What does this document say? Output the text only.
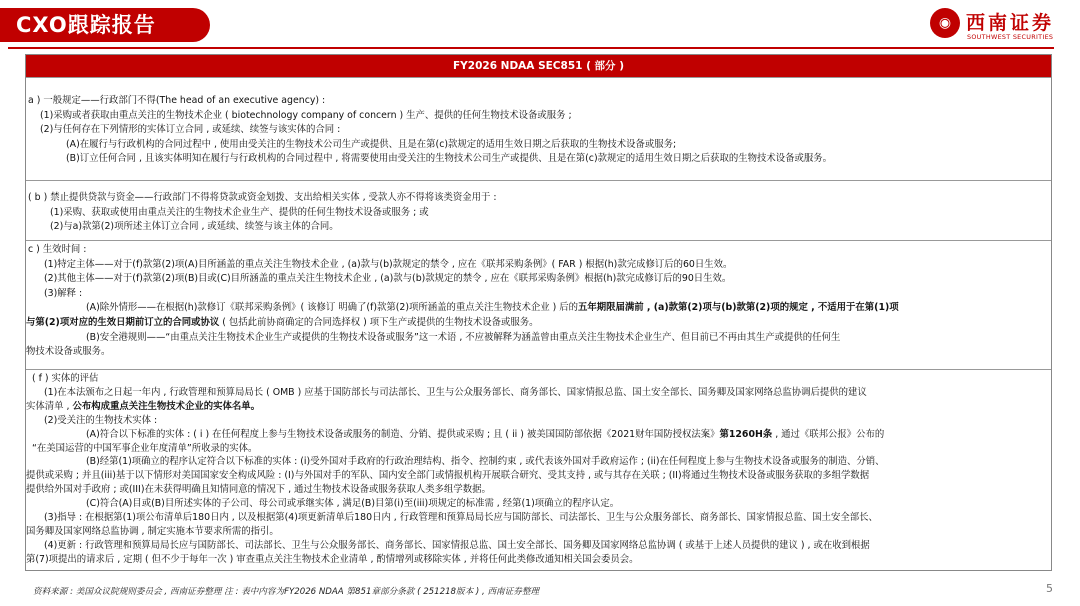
CXO跟踪报告	◉ 西南证券
SOUTHWEST SECURITIES
FY2026 NDAA SEC851 ( 部分 )
a ) 一般规定——行政部门不得(The head of an executive agency) :
(1)采购或者获取由重点关注的生物技术企业 ( biotechnology company of concern ) 生产、提供的任何生物技术设备或服务 ;
(2)与任何存在下列情形的实体订立合同 , 或延续、续签与该实体的合同 :
(A)在履行与行政机构的合同过程中 , 使用由受关注的生物技术公司生产或提供、且是在第(c)款规定的适用生效日期之后获取的生物技术设备或服务;
(B)订立任何合同 , 且该实体明知在履行与行政机构的合同过程中 , 将需要使用由受关注的生物技术公司生产或提供、且是在第(c)款规定的适用生效日期之后获取的生物技术设备或服务。
( b ) 禁止提供贷款与资金——行政部门不得将贷款或资金划拨、支出给相关实体 , 受款人亦不得将该类资金用于 :
(1)采购、获取或使用由重点关注的生物技术企业生产、提供的任何生物技术设备或服务 ; 或
(2)与a)款第(2)项所述主体订立合同 , 或延续、续签与该主体的合同。
c ) 生效时间 :
(1)特定主体——对于(f)款第(2)项(A)目所涵盖的重点关注生物技术企业 , (a)款与(b)款规定的禁令 , 应在《联邦采购条例》( FAR ) 根据(h)款完成修订后的60日生效。
(2)其他主体——对于(f)款第(2)项(B)目或(C)目所涵盖的重点关注生物技术企业 , (a)款与(b)款规定的禁令 , 应在《联邦采购条例》根据(h)款完成修订后的90日生效。
(3)解释 :
(A)除外情形——在根据(h)款修订《联邦采购条例》( 该修订 明确了(f)款第(2)项所涵盖的重点关注生物技术企业 ) 后的五年期限届满前 , (a)款第(2)项与(b)款第(2)项的规定 , 不适用于在第(1)项
与第(2)项对应的生效日期前订立的合同或协议 ( 包括此前协商确定的合同选择权 ) 项下生产或提供的生物技术设备或服务。
(B)安全港规则——“由重点关注生物技术企业生产或提供的生物技术设备或服务”这一术语 , 不应被解释为涵盖曾由重点关注生物技术企业生产、但目前已不再由其生产或提供的任何生
物技术设备或服务。
( f ) 实体的评估
(1)在本法颁布之日起一年内 , 行政管理和预算局局长 ( OMB ) 应基于国防部长与司法部长、卫生与公众服务部长、商务部长、国家情报总监、国土安全部长、国务卿及国家网络总监协调后提供的建议
实体清单 , 公布构成重点关注生物技术企业的实体名单。
(2)受关注的生物技术实体 :
(A)符合以下标准的实体 : ( i ) 在任何程度上参与生物技术设备或服务的制造、分销、提供或采购 ; 且 ( ii ) 被美国国防部依据《2021财年国防授权法案》第1260H条 , 通过《联邦公报》公布的
“在美国运营的中国军事企业年度清单”所收录的实体。
(B)经第(1)项确立的程序认定符合以下标准的实体 : (i)受外国对手政府的行政治理结构、指令、控制约束 , 或代表该外国对手政府运作 ; (ii)在任何程度上参与生物技术设备或服务的制造、分销、
提供或采购 ; 并且(iii)基于以下情形对美国国家安全构成风险 : (I)与外国对手的军队、国内安全部门或情报机构开展联合研究、受其支持 , 或与其存在关联 ; (II)将通过生物技术设备或服务获取的多组学数据
提供给外国对手政府 ; 或(III)在未获得明确且知情同意的情况下 , 通过生物技术设备或服务获取人类多组学数据。
(C)符合(A)目或(B)目所述实体的子公司、母公司或承继实体 , 满足(B)目第(i)至(iii)项规定的标准需 , 经第(1)项确立的程序认定。
(3)指导 : 在根据第(1)项公布清单后180日内 , 以及根据第(4)项更新清单后180日内 , 行政管理和预算局局长应与国防部长、司法部长、卫生与公众服务部长、商务部长、国家情报总监、国土安全部长、
国务卿及国家网络总监协调 , 制定实施本节要求所需的指引。
(4)更新 : 行政管理和预算局局长应与国防部长、司法部长、卫生与公众服务部长、商务部长、国家情报总监、国土安全部长、国务卿及国家网络总监协调 ( 或基于上述人员提供的建议 ) , 或在收到根据
第(7)项提出的请求后 , 定期 ( 但不少于每年一次 ) 审查重点关注生物技术企业清单 , 酌情增列或移除实体 , 并将任何此类修改通知相关国会委员会。
资料来源 : 美国众议院规则委员会 , 西南证券整理 注 : 表中内容为FY2026 NDAA 第851章部分条款 ( 251218版本 ) , 西南证券整理	5
